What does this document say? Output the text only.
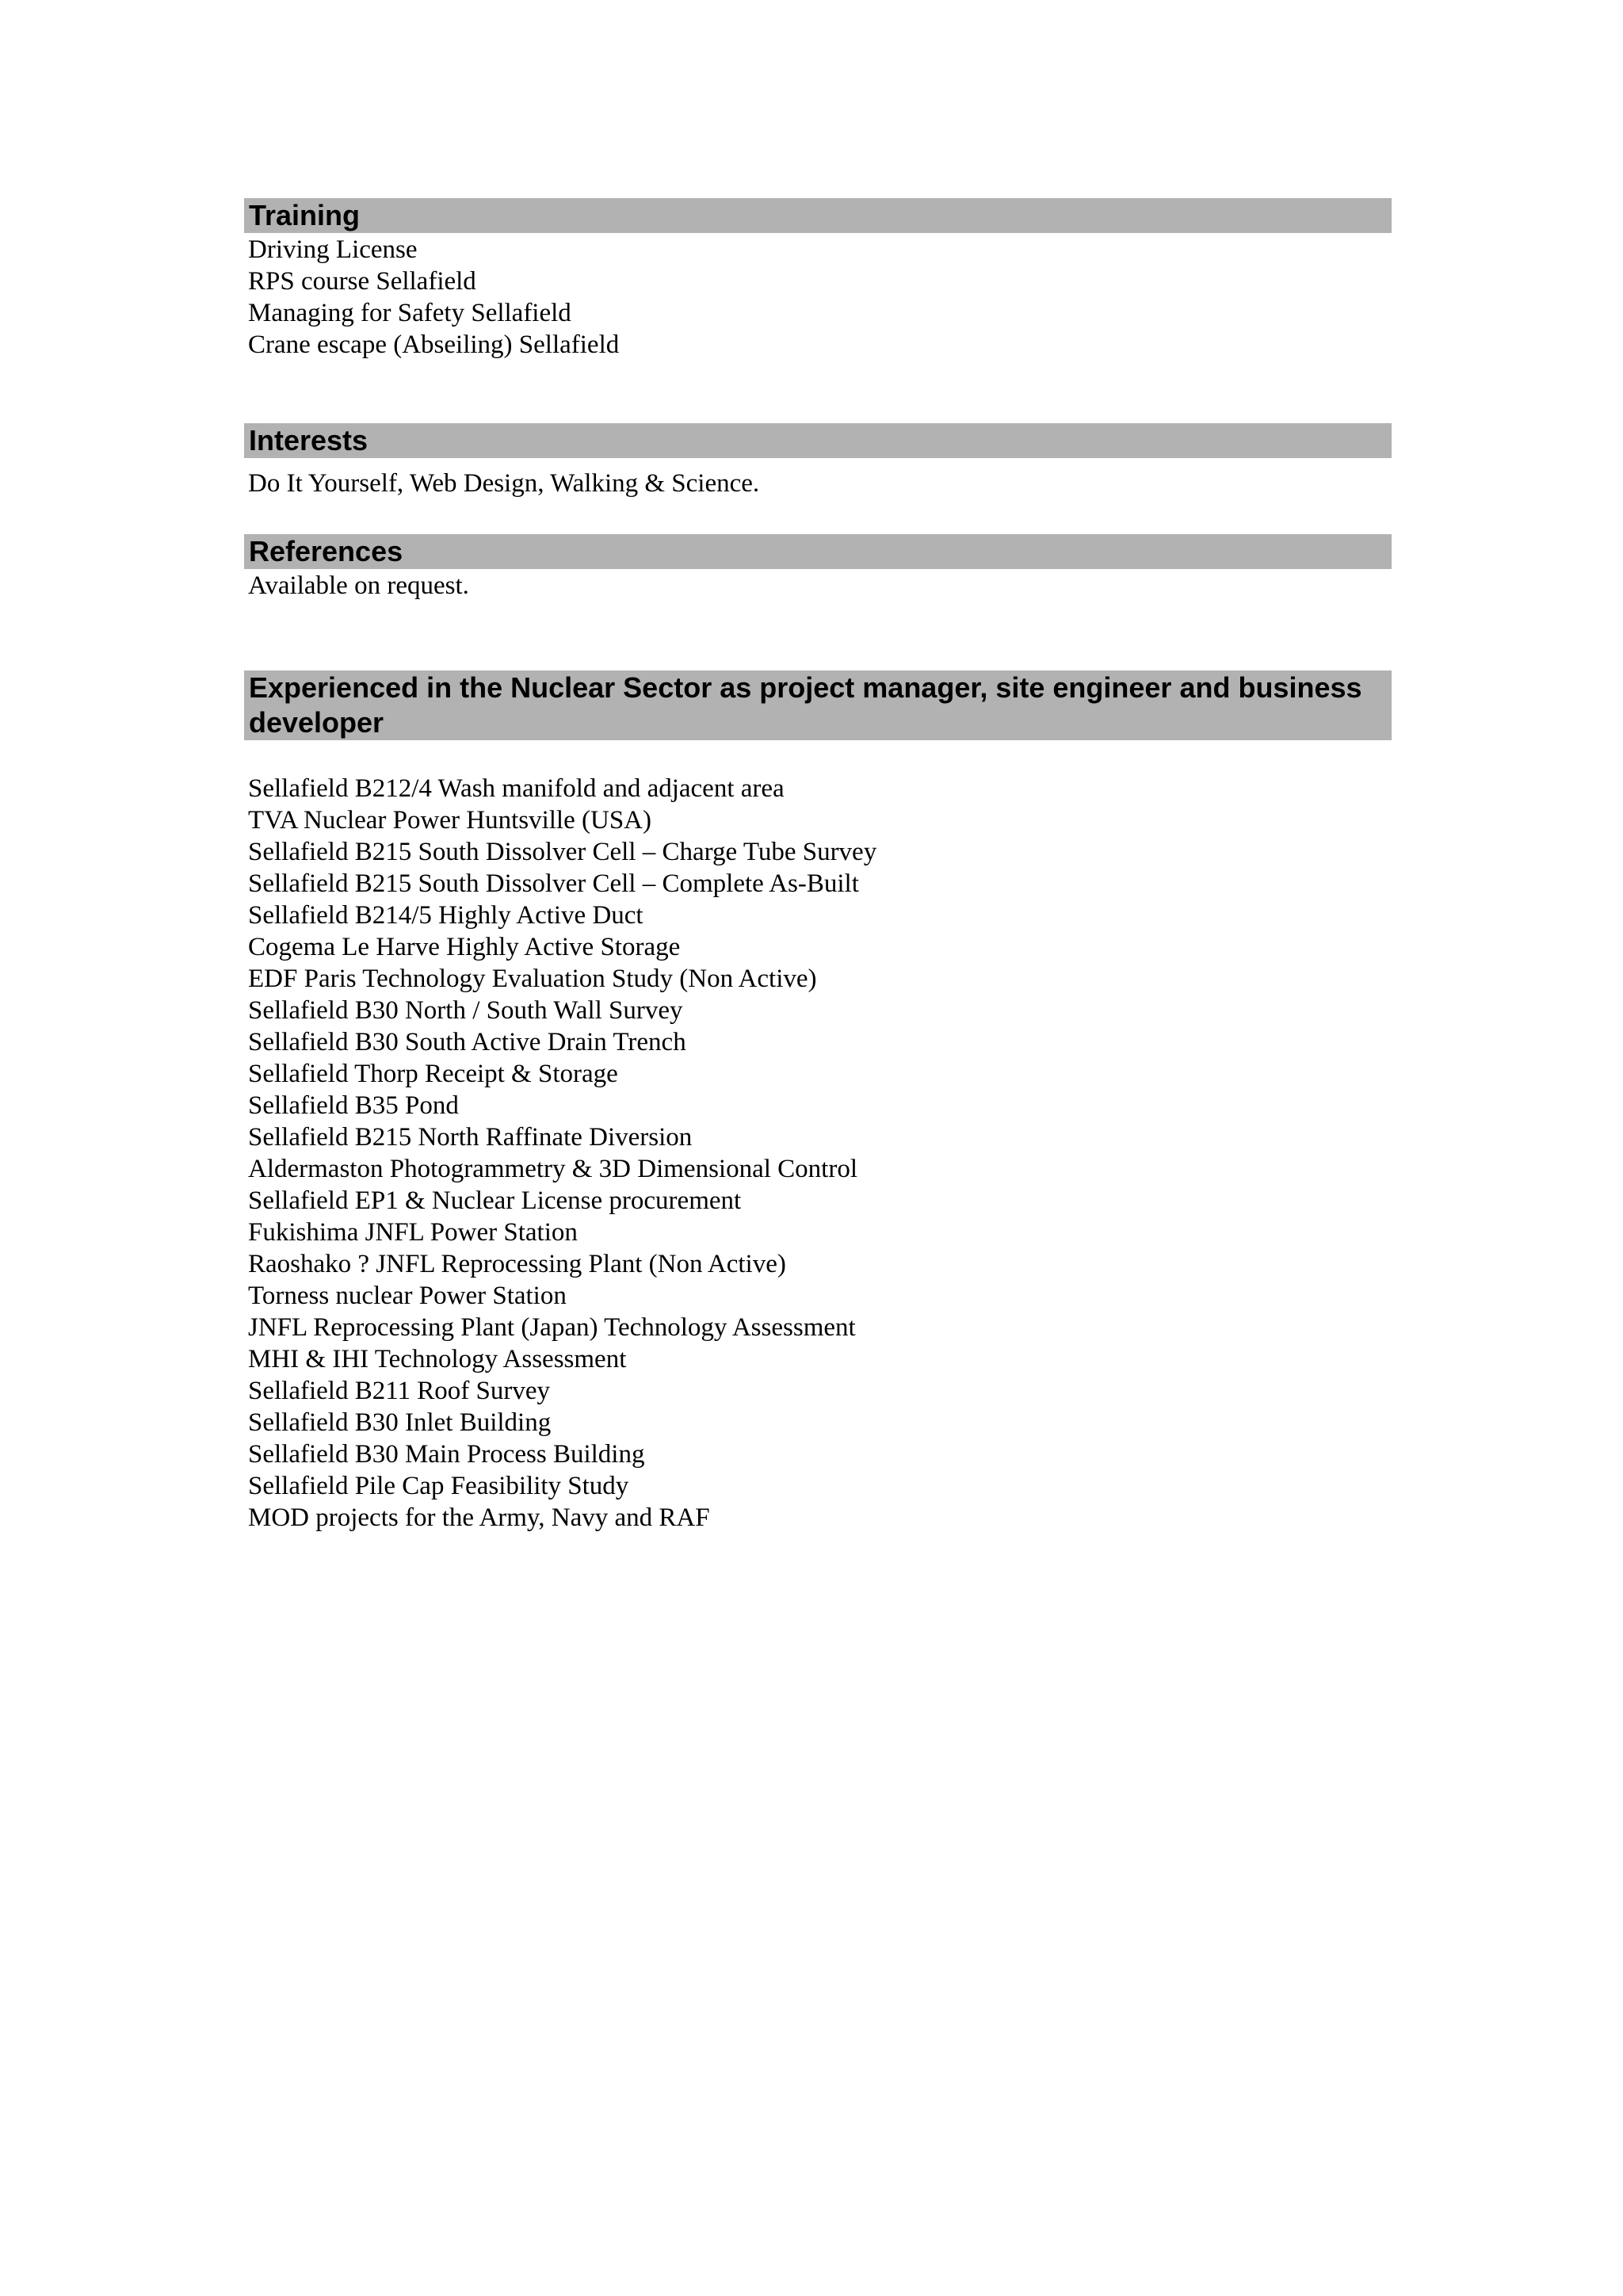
Training
Driving License
RPS course Sellafield
Managing for Safety Sellafield
Crane escape (Abseiling) Sellafield
Interests

Do It Yourself, Web Design, Walking & Science.

References

Available on request.

Experienced in the Nuclear Sector as project manager, site engineer and business developer
Sellafield B212/4 Wash manifold and adjacent area
TVA Nuclear Power Huntsville (USA)
Sellafield B215 South Dissolver Cell – Charge Tube Survey
Sellafield B215 South Dissolver Cell – Complete As-Built
Sellafield B214/5 Highly Active Duct
Cogema Le Harve Highly Active Storage
EDF Paris Technology Evaluation Study (Non Active)
Sellafield B30 North / South Wall Survey
Sellafield B30 South Active Drain Trench
Sellafield Thorp Receipt & Storage
Sellafield B35 Pond
Sellafield B215 North Raffinate Diversion
Aldermaston Photogrammetry & 3D Dimensional Control
Sellafield EP1 & Nuclear License procurement
Fukishima JNFL Power Station
Raoshako ? JNFL Reprocessing Plant (Non Active)
Torness nuclear Power Station
JNFL Reprocessing Plant (Japan) Technology Assessment
MHI & IHI Technology Assessment
Sellafield B211 Roof Survey
Sellafield B30 Inlet Building
Sellafield B30 Main Process Building
Sellafield Pile Cap Feasibility Study
MOD projects for the Army, Navy and RAF
